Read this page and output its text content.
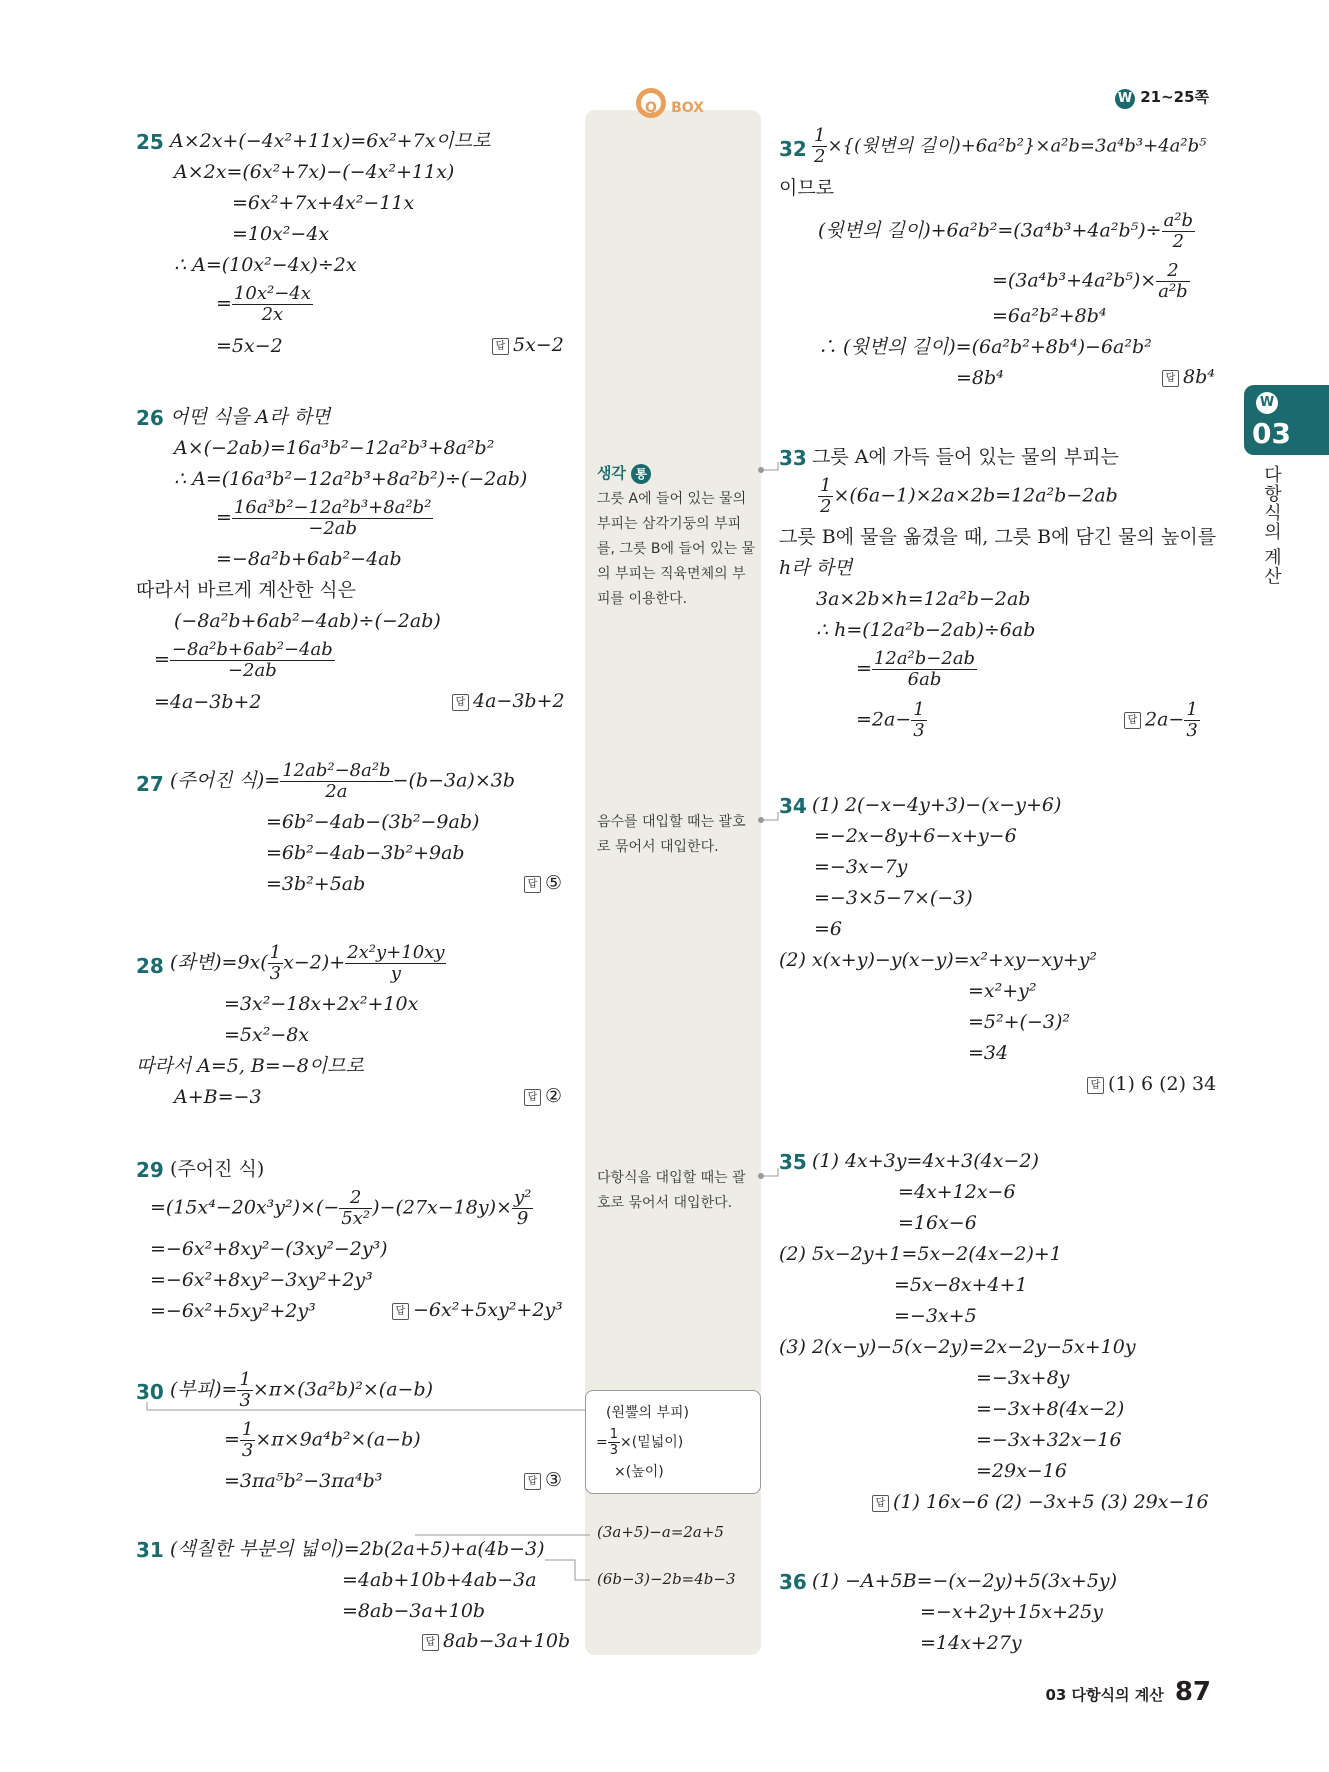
W 21~25쪽
Q BOX
생각 통
그릇 A에 들어 있는 물의 부피는 삼각기둥의 부피를, 그릇 B에 들어 있는 물의 부피는 직육면체의 부피를 이용한다.
음수를 대입할 때는 괄호로 묶어서 대입한다.
다항식을 대입할 때는 괄호로 묶어서 대입한다.
(원뿔의 부피)
= $\frac{1}{3}$ ×(밑넓이)
×(높이)
(3a+5)−a=2a+5
(6b−3)−2b=4b−3
W
03
다항식의 계산
03 다항식의 계산 87
25 A×2x+(−4x²+11x)=6x²+7x이므로
A×2x=(6x²+7x)−(−4x²+11x)
=6x²+7x+4x²−11x
=10x²−4x
∴ A=(10x²−4x)÷2x
= $\frac{\text{10x²−4x}}{2x}$
=5x−2	답 5x−2
26 어떤 식을 A라 하면
A×(−2ab)=16a³b²−12a²b³+8a²b²
∴ A=(16a³b²−12a²b³+8a²b²)÷(−2ab)
= $\frac{\text{16a³b²−12a²b³+8a²b²}}{-2ab}$
=−8a²b+6ab²−4ab
따라서 바르게 계산한 식은
(−8a²b+6ab²−4ab)÷(−2ab)
= $\frac{\text{−8a²b+6ab²−4ab}}{-2ab}$
=4a−3b+2	답 4a−3b+2
27 (주어진 식)= $\frac{\text{12ab²−8a²b}}{2a} -(b-3a)\times 3b$
=6b²−4ab−(3b²−9ab)
=6b²−4ab−3b²+9ab
=3b²+5ab	답 ⑤
28 (좌변)$=9x( \frac{1}{3} x-2)+ \frac{\text{2x²y+10xy}}{y}$
=3x²−18x+2x²+10x
=5x²−8x
따라서 A=5, B=−8이므로
A+B=−3	답 ②
29 (주어진 식)
$=(15x^4-20x^3y^2)\times(- \frac{2}{\text{5x²}} )-(27x-18y)\times \frac{\text{y²}}{9}$
=−6x²+8xy²−(3xy²−2y³)
=−6x²+8xy²−3xy²+2y³
=−6x²+5xy²+2y³	답 −6x²+5xy²+2y³
30 (부피)= $\frac{1}{3} \times\pi\times(3a^2b)^2\times(a-b)$
= $\frac{1}{3} \times\pi\times 9a^4b^2\times(a-b)$
=3πa⁵b²−3πa⁴b³	답 ③
31 (색칠한 부분의 넓이)=2b(2a+5)+a(4b−3)
=4ab+10b+4ab−3a
=8ab−3a+10b
답 8ab−3a+10b
$32 \frac{1}{2}$ ×{(윗변의 길이)+6a²b²}×a²b=3a⁴b³+4a²b⁵
이므로
(윗변의 길이)$+6a^2b^2=(3a^4b^3+4a^2b^5)\div \frac{\text{a²b}}{2}$
$=(3a^4b^3+4a^2b^5)\times \frac{2}{\text{a²b}}$
=6a²b²+8b⁴
∴ (윗변의 길이)=(6a²b²+8b⁴)−6a²b²
=8b⁴	답 8b⁴
33 그릇 A에 가득 들어 있는 물의 부피는
$\frac{1}{2} \times(6a-1)\times 2a\times 2b=12a^2b-2ab$
그릇 B에 물을 옮겼을 때, 그릇 B에 담긴 물의 높이를
h라 하면
3a×2b×h=12a²b−2ab
∴ h=(12a²b−2ab)÷6ab
= $\frac{\text{12a²b−2ab}}{6ab}$
$=2a- \frac{1}{3}$	답 $2a- \frac{1}{3}$
34 (1) 2(−x−4y+3)−(x−y+6)
=−2x−8y+6−x+y−6
=−3x−7y
=−3×5−7×(−3)
=6
(2) x(x+y)−y(x−y)=x²+xy−xy+y²
=x²+y²
=5²+(−3)²
=34
답 (1) 6 (2) 34
35 (1) 4x+3y=4x+3(4x−2)
=4x+12x−6
=16x−6
(2) 5x−2y+1=5x−2(4x−2)+1
=5x−8x+4+1
=−3x+5
(3) 2(x−y)−5(x−2y)=2x−2y−5x+10y
=−3x+8y
=−3x+8(4x−2)
=−3x+32x−16
=29x−16
답 (1) 16x−6 (2) −3x+5 (3) 29x−16
36 (1) −A+5B=−(x−2y)+5(3x+5y)
=−x+2y+15x+25y
=14x+27y
